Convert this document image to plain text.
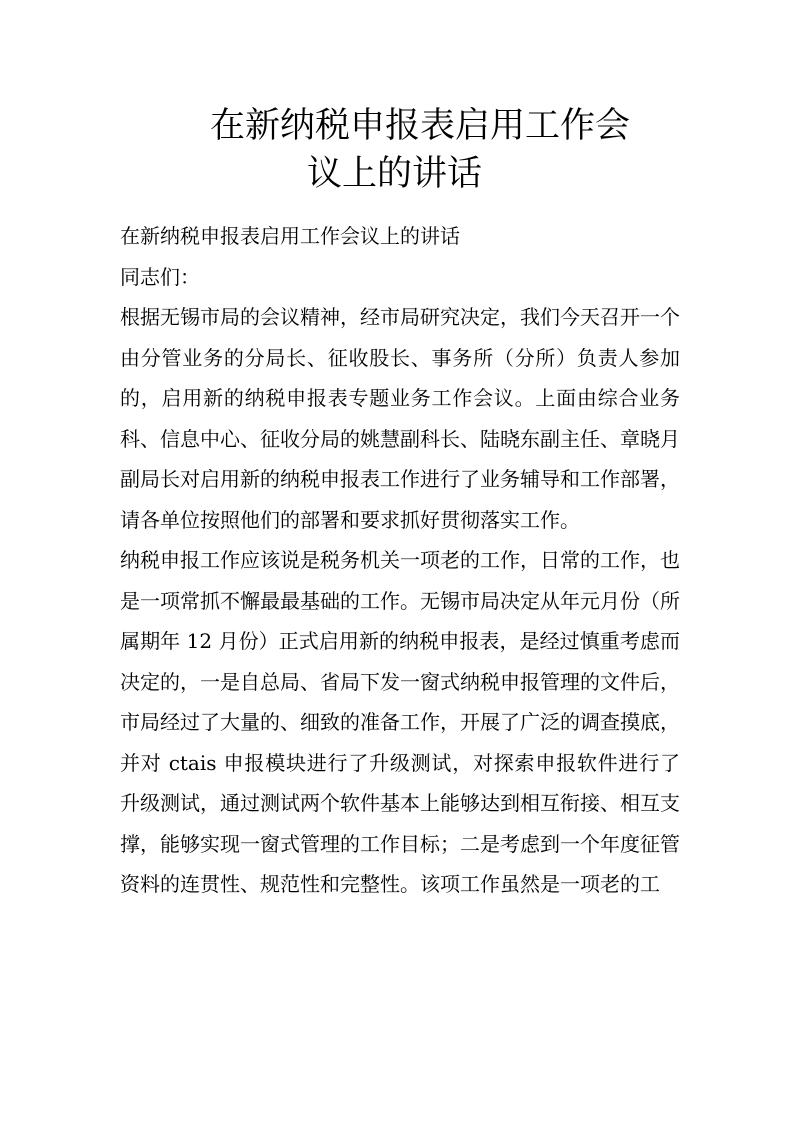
在新纳税申报表启用工作会
议上的讲话

在新纳税申报表启用工作会议上的讲话

同志们：

根据无锡市局的会议精神，经市局研究决定，我们今天召开一个由分管业务的分局长、征收股长、事务所（分所）负责人参加的，启用新的纳税申报表专题业务工作会议。上面由综合业务科、信息中心、征收分局的姚慧副科长、陆晓东副主任、章晓月副局长对启用新的纳税申报表工作进行了业务辅导和工作部署，请各单位按照他们的部署和要求抓好贯彻落实工作。

纳税申报工作应该说是税务机关一项老的工作，日常的工作，也是一项常抓不懈最最基础的工作。无锡市局决定从年元月份（所属期年 12 月份）正式启用新的纳税申报表，是经过慎重考虑而决定的，一是自总局、省局下发一窗式纳税申报管理的文件后，市局经过了大量的、细致的准备工作，开展了广泛的调查摸底，并对 ctais 申报模块进行了升级测试，对探索申报软件进行了升级测试，通过测试两个软件基本上能够达到相互衔接、相互支撑，能够实现一窗式管理的工作目标；二是考虑到一个年度征管资料的连贯性、规范性和完整性。该项工作虽然是一项老的工
